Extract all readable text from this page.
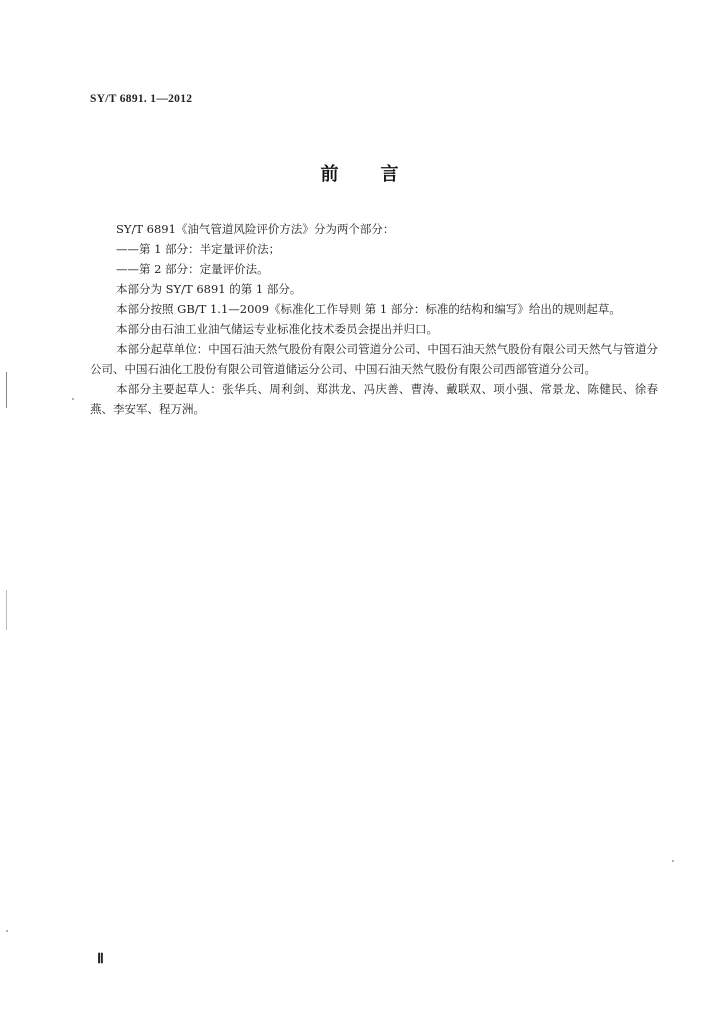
SY/T 6891. 1—2012
前 言

SY/T 6891《油气管道风险评价方法》分为两个部分：

——第 1 部分：半定量评价法；

——第 2 部分：定量评价法。

本部分为 SY/T 6891 的第 1 部分。

本部分按照 GB/T 1.1—2009《标准化工作导则 第 1 部分：标准的结构和编写》给出的规则起草。

本部分由石油工业油气储运专业标准化技术委员会提出并归口。

本部分起草单位：中国石油天然气股份有限公司管道分公司、中国石油天然气股份有限公司天然气与管道分公司、中国石油化工股份有限公司管道储运分公司、中国石油天然气股份有限公司西部管道分公司。

本部分主要起草人：张华兵、周利剑、郑洪龙、冯庆善、曹涛、戴联双、项小强、常景龙、陈健民、徐春燕、李安军、程万洲。

Ⅱ
